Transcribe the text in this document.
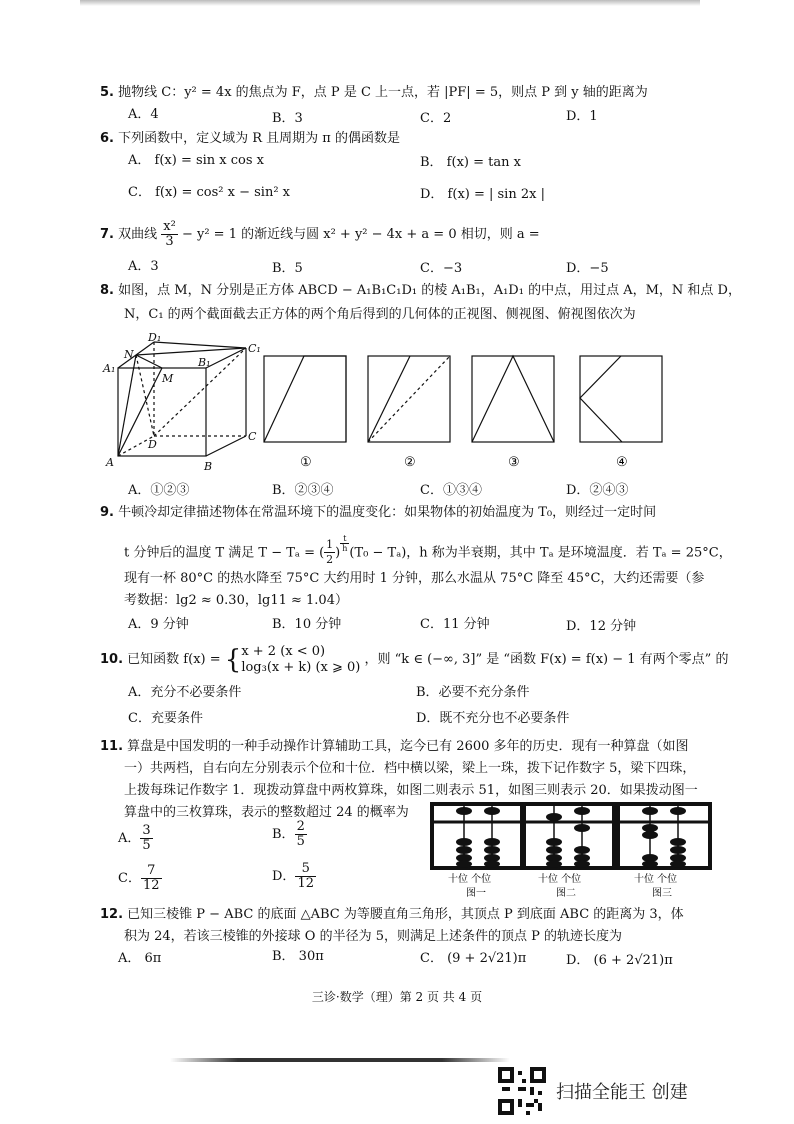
5. 抛物线 C：y² = 4x 的焦点为 F，点 P 是 C 上一点，若 |PF| = 5，则点 P 到 y 轴的距离为
A．4	B．3	C．2	D．1
6. 下列函数中，定义域为 R 且周期为 π 的偶函数是
A． f(x) = sin x cos x	B． f(x) = tan x
C． f(x) = cos² x − sin² x	D． f(x) = | sin 2x |
7. 双曲线 $\frac{\text{x²}}{3} - y^2 = 1$ 的渐近线与圆 x² + y² − 4x + a = 0 相切，则 a =
A．3	B．5	C．−3	D．−5
8. 如图，点 M，N 分别是正方体 ABCD − A₁B₁C₁D₁ 的棱 A₁B₁，A₁D₁ 的中点，用过点 A，M，N 和点 D，
N，C₁ 的两个截面截去正方体的两个角后得到的几何体的正视图、侧视图、俯视图依次为
D₁
C₁
N
B₁
A₁
M
D
C
A	B	①	②	③	④
A．①②③	B．②③④	C．①③④	D．②④③
9. 牛顿冷却定律描述物体在常温环境下的温度变化：如果物体的初始温度为 T₀，则经过一定时间
t 分钟后的温度 T 满足 T − Tₐ = ( $\frac{1}{2}$ ) $\frac{t}{h} (T_0 - T_a)$，h 称为半衰期，其中 Tₐ 是环境温度．若 Tₐ = 25°C，
现有一杯 80°C 的热水降至 75°C 大约用时 1 分钟，那么水温从 75°C 降至 45°C，大约还需要（参
考数据：lg2 ≈ 0.30，lg11 ≈ 1.04）
A．9 分钟	B．10 分钟	C．11 分钟	D．12 分钟
10. 已知函数 f(x) = { x + 2 (x < 0)
log₃(x + k) (x ⩾ 0) ，则 “k ∈ (−∞, 3]” 是 “函数 F(x) = f(x) − 1 有两个零点” 的
A．充分不必要条件	B．必要不充分条件
C．充要条件	D．既不充分也不必要条件
11. 算盘是中国发明的一种手动操作计算辅助工具，迄今已有 2600 多年的历史．现有一种算盘（如图
一）共两档，自右向左分别表示个位和十位．档中横以梁，梁上一珠，拨下记作数字 5，梁下四珠，
上拨每珠记作数字 1．现拨动算盘中两枚算珠，如图二则表示 51，如图三则表示 20．如果拨动图一
算盘中的三枚算珠，表示的整数超过 24 的概率为
A． $\frac{3}{5}$	B． $\frac{2}{5}$
C． $\frac{7}{12}$	D． $\frac{5}{12}$	十位 个位
图一
十位 个位
图二
十位 个位
图三
12. 已知三棱锥 P − ABC 的底面 △ABC 为等腰直角三角形，其顶点 P 到底面 ABC 的距离为 3，体
积为 24，若该三棱锥的外接球 O 的半径为 5，则满足上述条件的顶点 P 的轨迹长度为
A． 6π	B． 30π	C． (9 + 2√21)π	D． (6 + 2√21)π
三诊·数学（理）第 2 页 共 4 页
扫描全能王 创建
